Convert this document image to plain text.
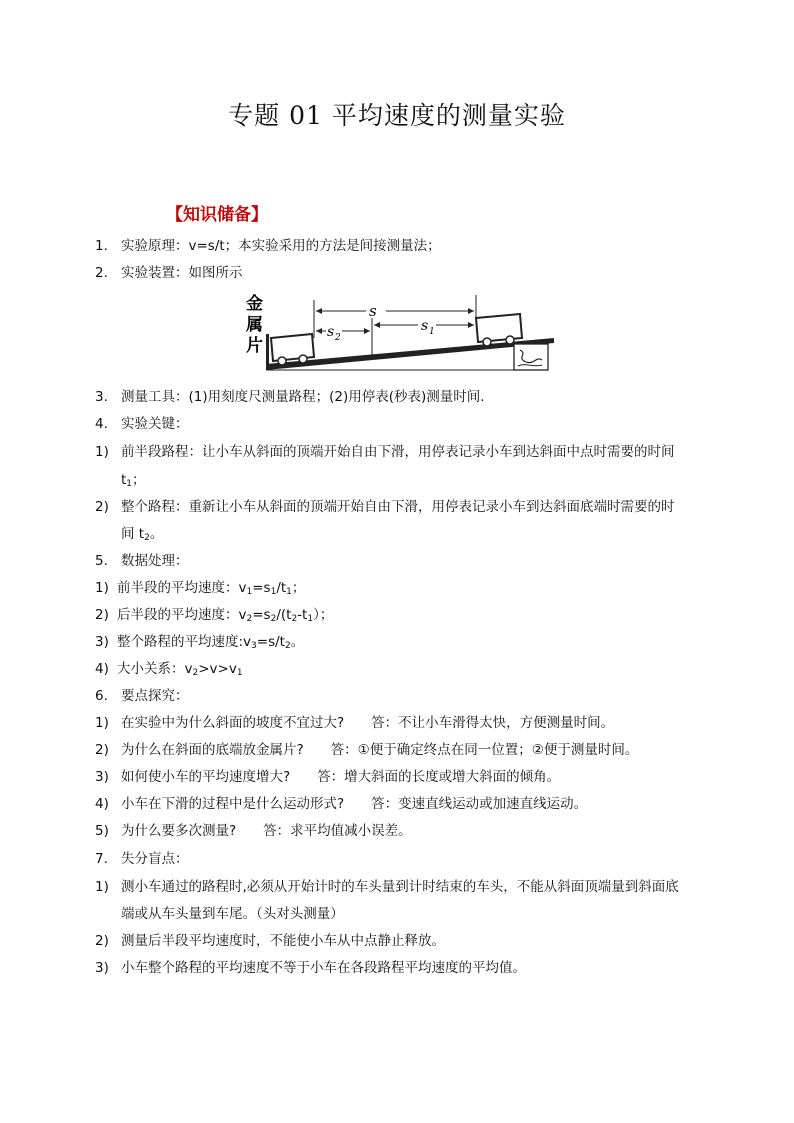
专题 01 平均速度的测量实验
【知识储备】
1. 实验原理：v=s/t；本实验采用的方法是间接测量法；
2. 实验装置：如图所示
金
属
片
s
s 2
s 1
3. 测量工具：(1)用刻度尺测量路程；(2)用停表(秒表)测量时间.
4. 实验关键：
1) 前半段路程：让小车从斜面的顶端开始自由下滑，用停表记录小车到达斜面中点时需要的时间
$t_1$；
2) 整个路程：重新让小车从斜面的顶端开始自由下滑，用停表记录小车到达斜面底端时需要的时
间 $t_2$。
5. 数据处理：
1) 前半段的平均速度：$v_1=s_1/t_1$；
2) 后半段的平均速度：$v_2=s_2/(t_2-t_1)$；
3) 整个路程的平均速度$:v_3=s/t_2$。
4) 大小关系：$v_2>v>v_1$
6. 要点探究：
1) 在实验中为什么斜面的坡度不宜过大?　　答：不让小车滑得太快，方便测量时间。
2) 为什么在斜面的底端放金属片?　　答：①便于确定终点在同一位置；②便于测量时间。
3) 如何使小车的平均速度增大?　　答：增大斜面的长度或增大斜面的倾角。
4) 小车在下滑的过程中是什么运动形式?　　答：变速直线运动或加速直线运动。
5) 为什么要多次测量?　　答：求平均值减小误差。
7. 失分盲点：
1) 测小车通过的路程时,必须从开始计时的车头量到计时结束的车头，不能从斜面顶端量到斜面底
端或从车头量到车尾。（头对头测量）
2) 测量后半段平均速度时，不能使小车从中点静止释放。
3) 小车整个路程的平均速度不等于小车在各段路程平均速度的平均值。
